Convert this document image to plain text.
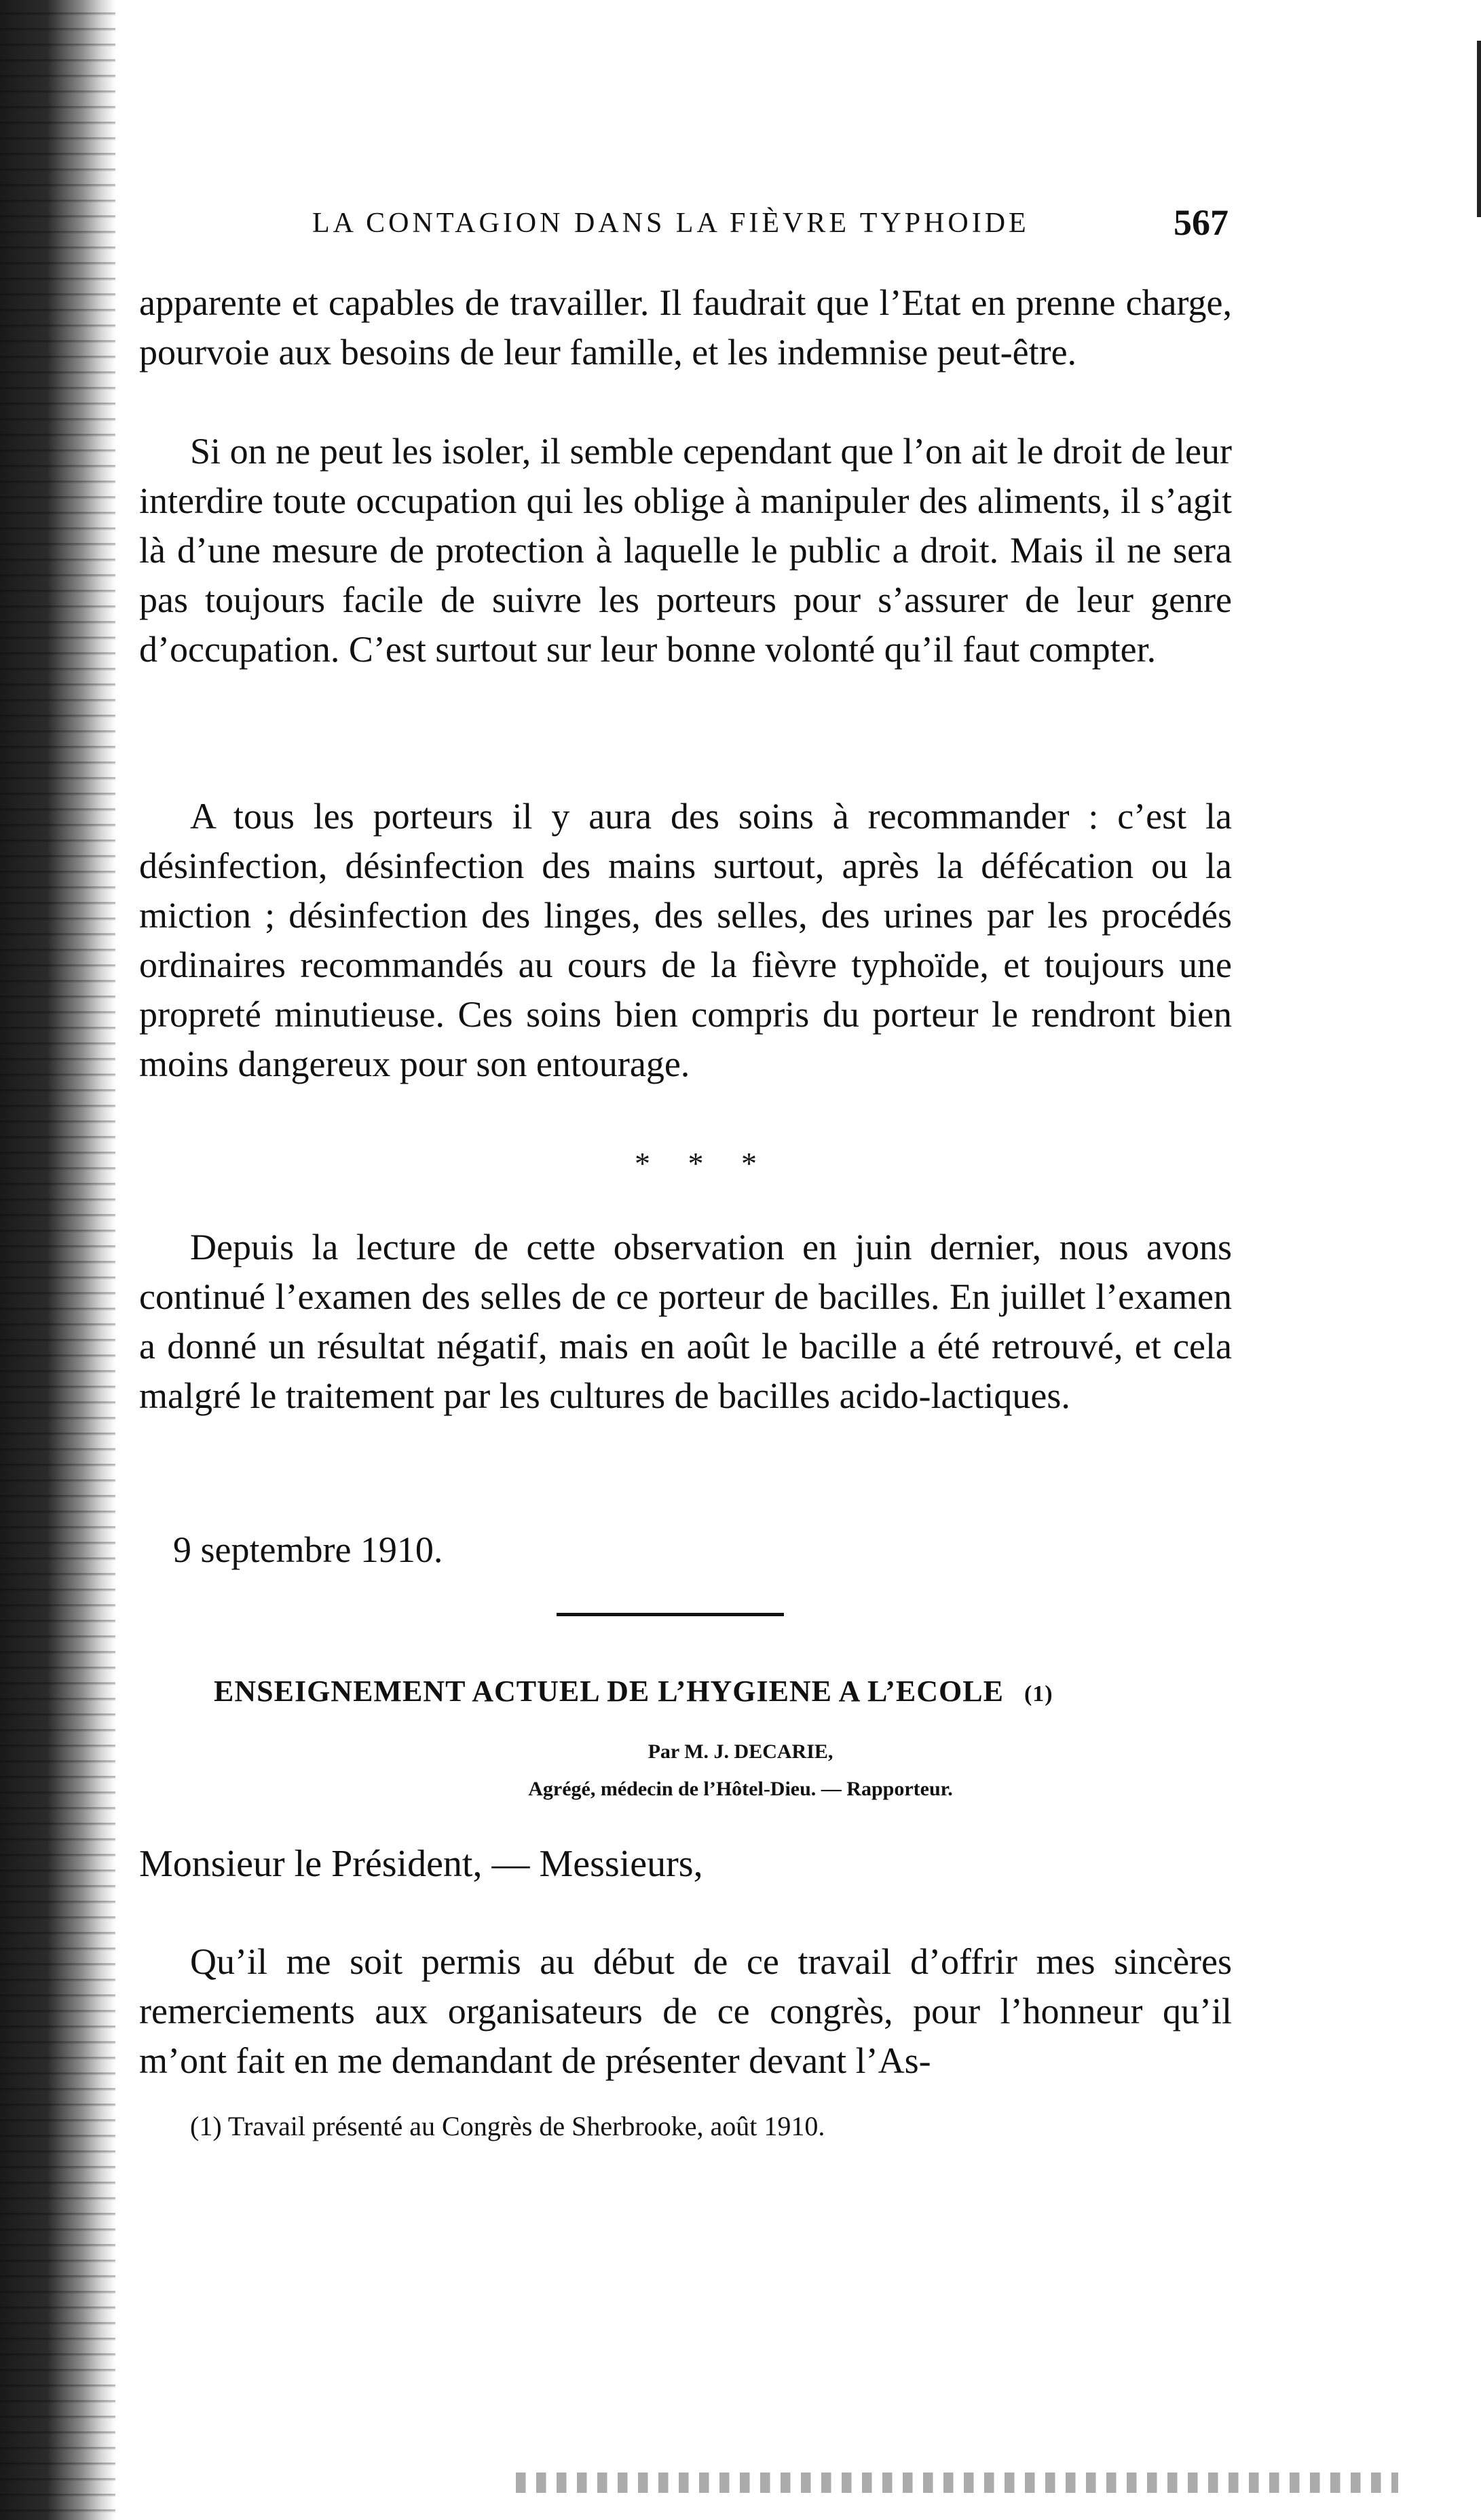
LA CONTAGION DANS LA FIÈVRE TYPHOIDE	567

apparente et capables de travailler. Il faudrait que l’Etat en prenne charge, pourvoie aux besoins de leur famille, et les indemnise peut-être.

Si on ne peut les isoler, il semble cependant que l’on ait le droit de leur interdire toute occupation qui les oblige à manipuler des aliments, il s’agit là d’une mesure de protection à laquelle le public a droit. Mais il ne sera pas toujours facile de suivre les porteurs pour s’assurer de leur genre d’occupation. C’est surtout sur leur bonne volonté qu’il faut compter.

A tous les porteurs il y aura des soins à recommander : c’est la désinfection, désinfection des mains surtout, après la défécation ou la miction ; désinfection des linges, des selles, des urines par les procédés ordinaires recommandés au cours de la fièvre typhoïde, et toujours une propreté minutieuse. Ces soins bien compris du porteur le rendront bien moins dangereux pour son entourage.

* * *

Depuis la lecture de cette observation en juin dernier, nous avons continué l’examen des selles de ce porteur de bacilles. En juillet l’examen a donné un résultat négatif, mais en août le bacille a été retrouvé, et cela malgré le traitement par les cultures de bacilles acido-lactiques.

9 septembre 1910.
ENSEIGNEMENT ACTUEL DE L’HYGIENE A L’ECOLE (1)
Par M. J. DECARIE,
Agrégé, médecin de l’Hôtel-Dieu. — Rapporteur.
Monsieur le Président, — Messieurs,

Qu’il me soit permis au début de ce travail d’offrir mes sincères remerciements aux organisateurs de ce congrès, pour l’honneur qu’il m’ont fait en me demandant de présenter devant l’As-

(1) Travail présenté au Congrès de Sherbrooke, août 1910.
